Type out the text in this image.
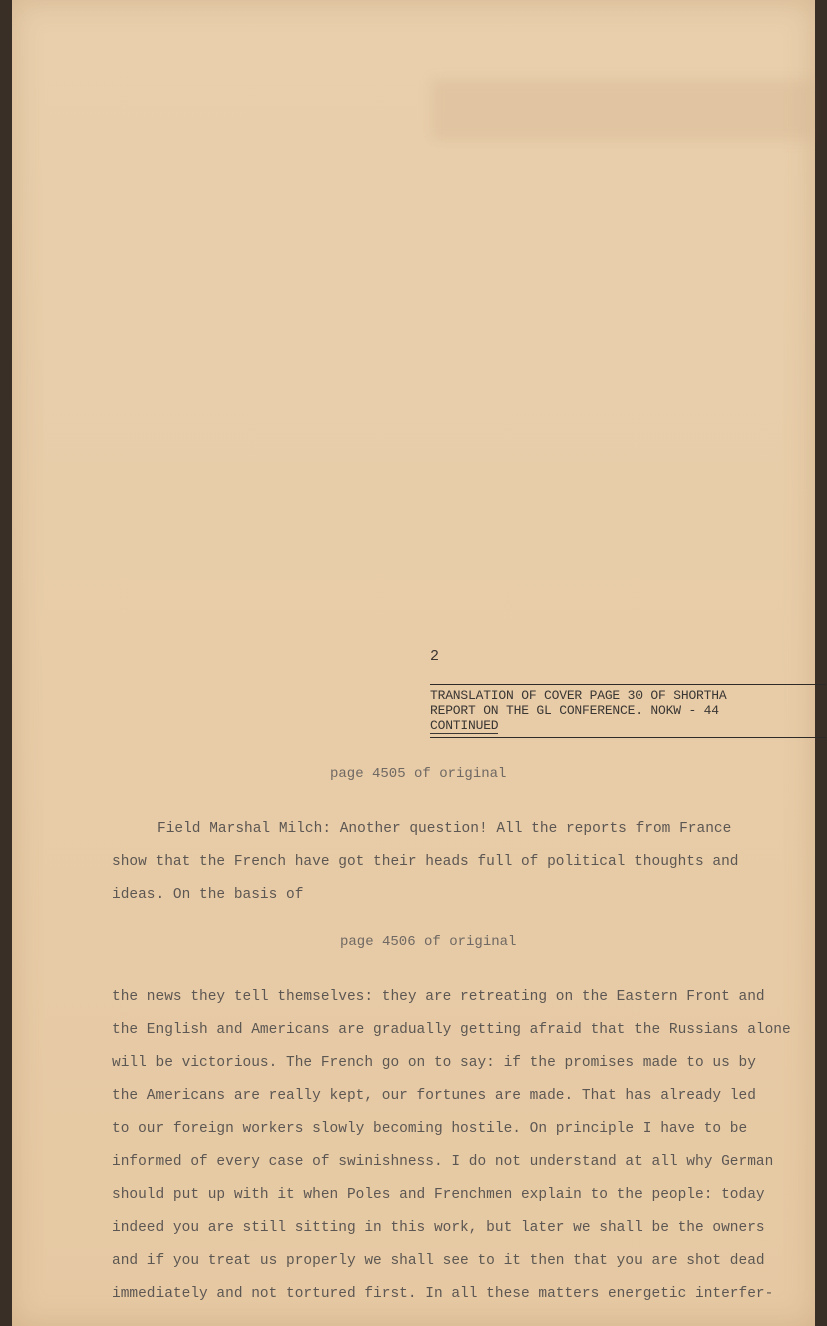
2
TRANSLATION OF COVER PAGE 30 OF SHORTHA
REPORT ON THE GL CONFERENCE. NOKW - 44
CONTINUED
page 4505 of original
Field Marshal Milch: Another question! All the reports from France
show that the French have got their heads full of political thoughts and
ideas. On the basis of
page 4506 of original
the news they tell themselves: they are retreating on the Eastern Front and
the English and Americans are gradually getting afraid that the Russians alone
will be victorious. The French go on to say: if the promises made to us by
the Americans are really kept, our fortunes are made. That has already led
to our foreign workers slowly becoming hostile. On principle I have to be
informed of every case of swinishness. I do not understand at all why German
should put up with it when Poles and Frenchmen explain to the people: today
indeed you are still sitting in this work, but later we shall be the owners
and if you treat us properly we shall see to it then that you are shot dead
immediately and not tortured first. In all these matters energetic interfer-
